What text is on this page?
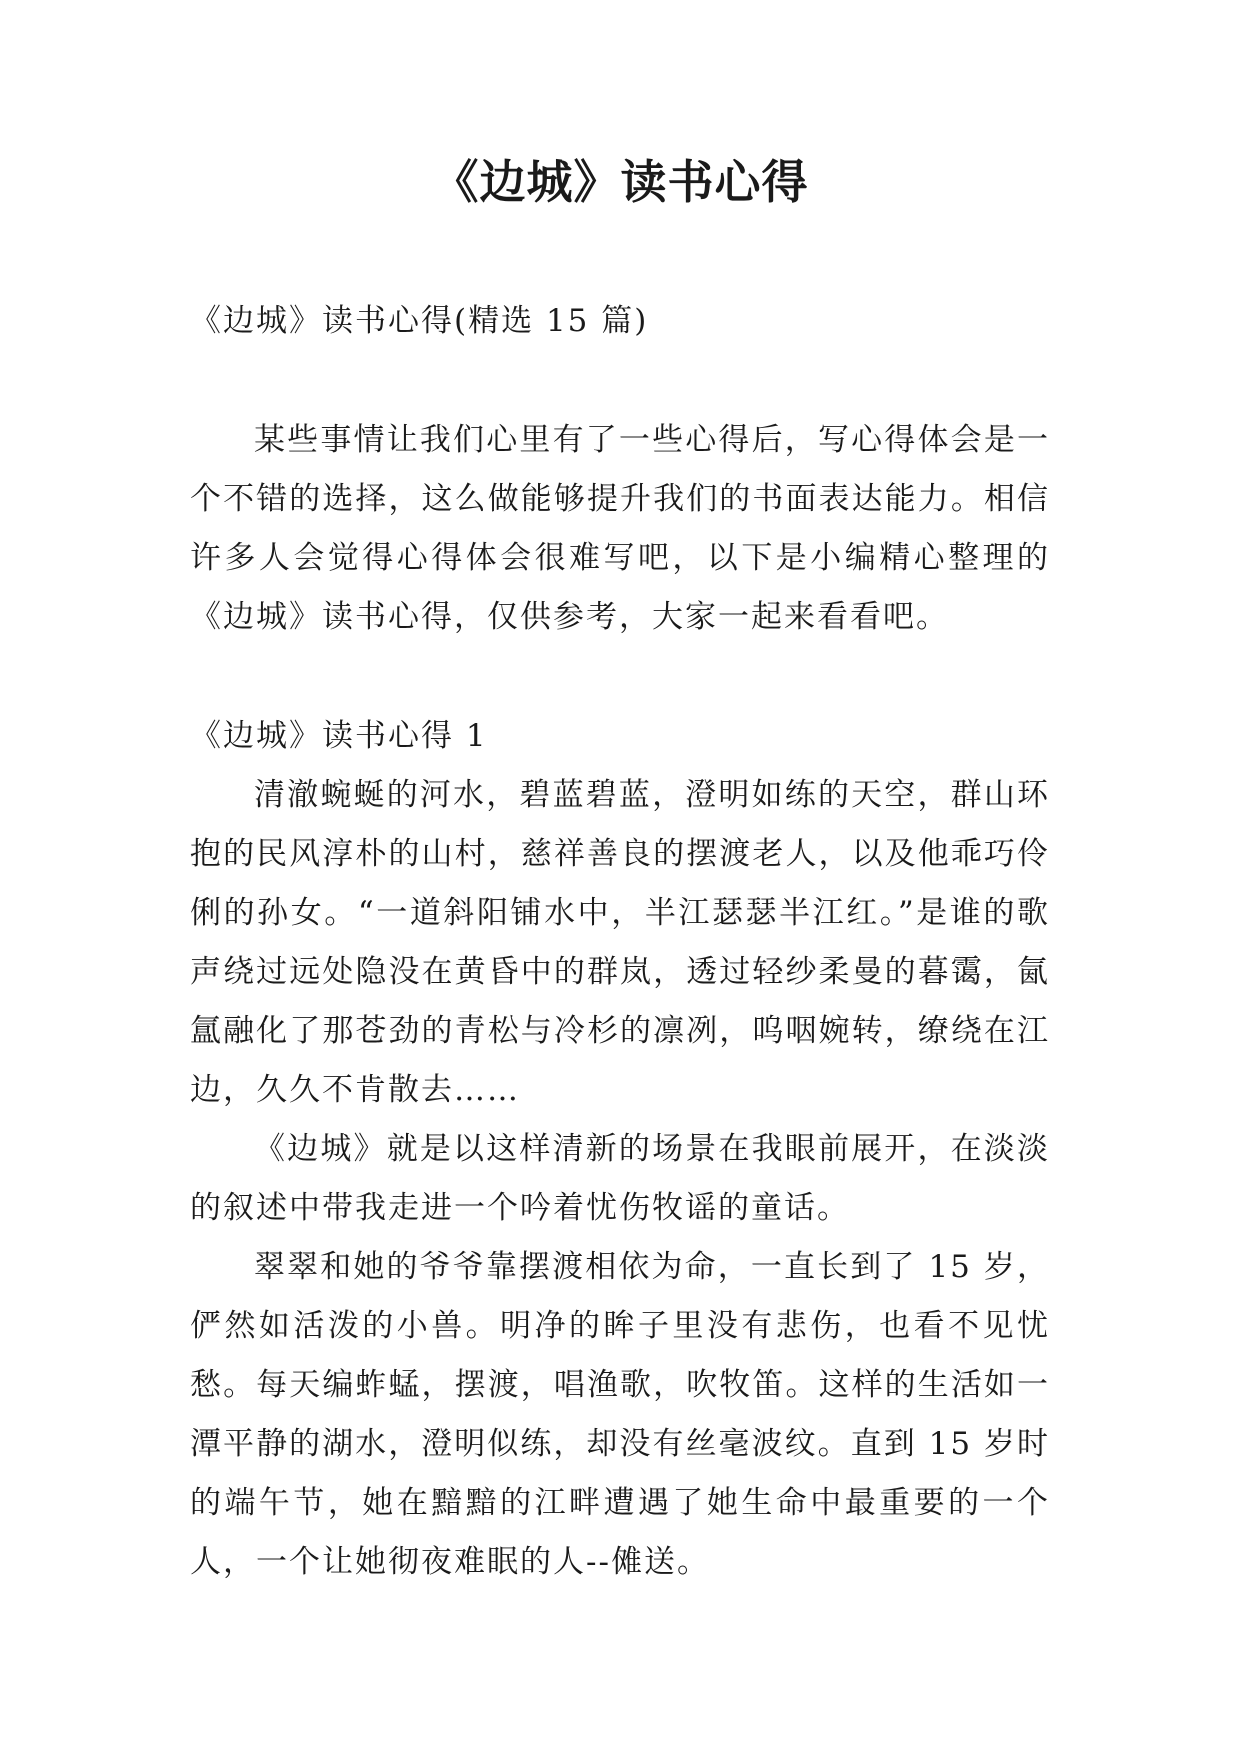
《边城》读书心得

《边城》读书心得(精选 15 篇)

某些事情让我们心里有了一些心得后，写心得体会是一个不错的选择，这么做能够提升我们的书面表达能力。相信许多人会觉得心得体会很难写吧，以下是小编精心整理的《边城》读书心得，仅供参考，大家一起来看看吧。

《边城》读书心得 1

清澈蜿蜒的河水，碧蓝碧蓝，澄明如练的天空，群山环抱的民风淳朴的山村，慈祥善良的摆渡老人，以及他乖巧伶俐的孙女。“一道斜阳铺水中，半江瑟瑟半江红。”是谁的歌声绕过远处隐没在黄昏中的群岚，透过轻纱柔曼的暮霭，氤氲融化了那苍劲的青松与冷杉的凛冽，呜咽婉转，缭绕在江边，久久不肯散去……

《边城》就是以这样清新的场景在我眼前展开，在淡淡的叙述中带我走进一个吟着忧伤牧谣的童话。

翠翠和她的爷爷靠摆渡相依为命，一直长到了 15 岁，俨然如活泼的小兽。明净的眸子里没有悲伤，也看不见忧愁。每天编蚱蜢，摆渡，唱渔歌，吹牧笛。这样的生活如一潭平静的湖水，澄明似练，却没有丝毫波纹。直到 15 岁时的端午节，她在黯黯的江畔遭遇了她生命中最重要的一个人，一个让她彻夜难眠的人--傩送。
